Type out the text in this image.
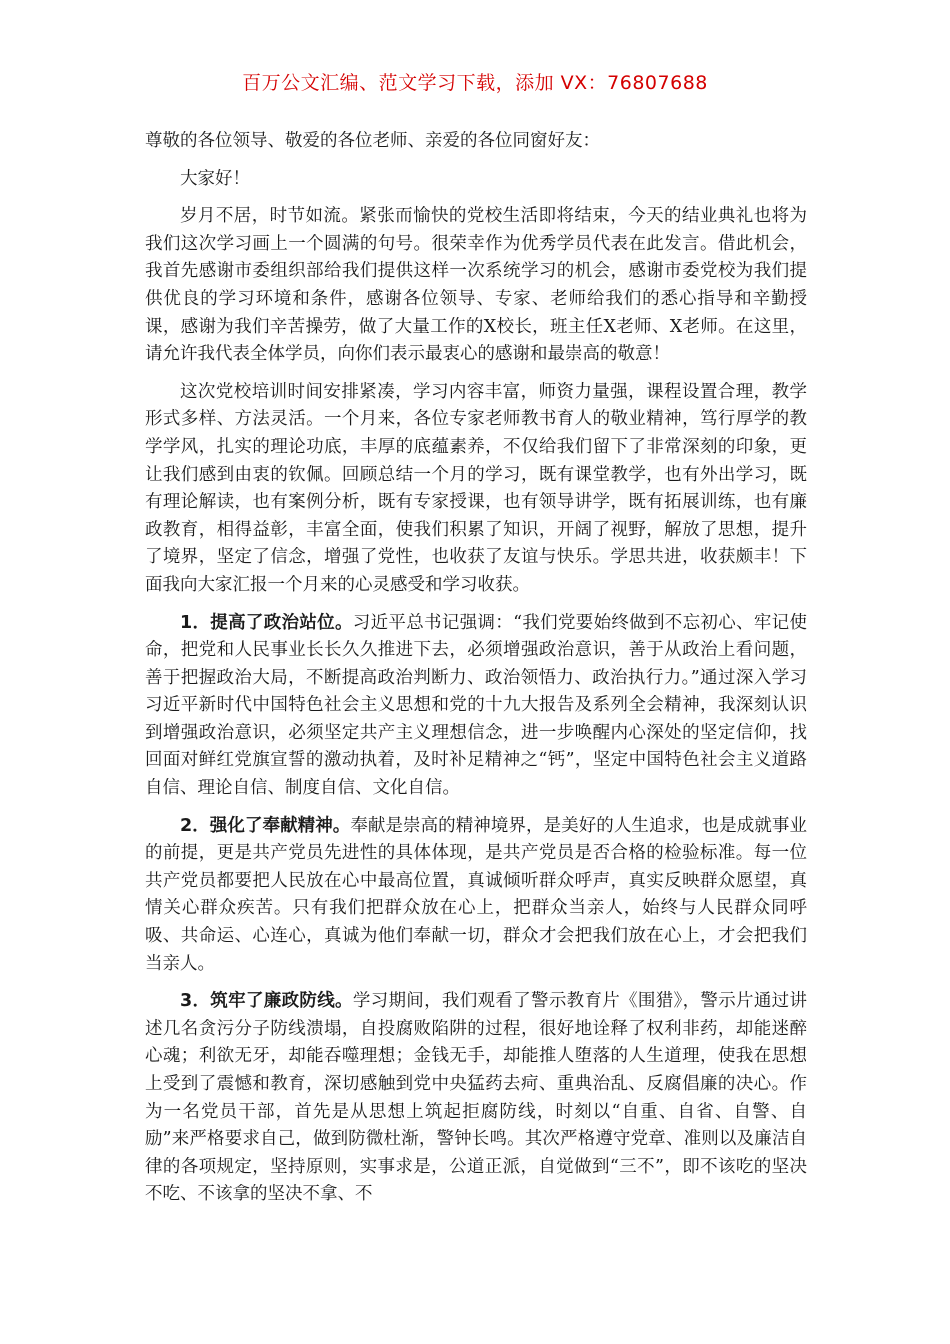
百万公文汇编、范文学习下载，添加 VX：76807688

尊敬的各位领导、敬爱的各位老师、亲爱的各位同窗好友：

大家好！

岁月不居，时节如流。紧张而愉快的党校生活即将结束，今天的结业典礼也将为我们这次学习画上一个圆满的句号。很荣幸作为优秀学员代表在此发言。借此机会，我首先感谢市委组织部给我们提供这样一次系统学习的机会，感谢市委党校为我们提供优良的学习环境和条件，感谢各位领导、专家、老师给我们的悉心指导和辛勤授课，感谢为我们辛苦操劳，做了大量工作的X校长，班主任X老师、X老师。在这里，请允许我代表全体学员，向你们表示最衷心的感谢和最崇高的敬意！

这次党校培训时间安排紧凑，学习内容丰富，师资力量强，课程设置合理，教学形式多样、方法灵活。一个月来，各位专家老师教书育人的敬业精神，笃行厚学的教学学风，扎实的理论功底，丰厚的底蕴素养，不仅给我们留下了非常深刻的印象，更让我们感到由衷的钦佩。回顾总结一个月的学习，既有课堂教学，也有外出学习，既有理论解读，也有案例分析，既有专家授课，也有领导讲学，既有拓展训练，也有廉政教育，相得益彰，丰富全面，使我们积累了知识，开阔了视野，解放了思想，提升了境界，坚定了信念，增强了党性，也收获了友谊与快乐。学思共进，收获颇丰！下面我向大家汇报一个月来的心灵感受和学习收获。

1．提高了政治站位。习近平总书记强调：“我们党要始终做到不忘初心、牢记使命，把党和人民事业长长久久推进下去，必须增强政治意识，善于从政治上看问题，善于把握政治大局，不断提高政治判断力、政治领悟力、政治执行力。”通过深入学习习近平新时代中国特色社会主义思想和党的十九大报告及系列全会精神，我深刻认识到增强政治意识，必须坚定共产主义理想信念，进一步唤醒内心深处的坚定信仰，找回面对鲜红党旗宣誓的激动执着，及时补足精神之“钙”，坚定中国特色社会主义道路自信、理论自信、制度自信、文化自信。

2．强化了奉献精神。奉献是崇高的精神境界，是美好的人生追求，也是成就事业的前提，更是共产党员先进性的具体体现，是共产党员是否合格的检验标准。每一位共产党员都要把人民放在心中最高位置，真诚倾听群众呼声，真实反映群众愿望，真情关心群众疾苦。只有我们把群众放在心上，把群众当亲人，始终与人民群众同呼吸、共命运、心连心，真诚为他们奉献一切，群众才会把我们放在心上，才会把我们当亲人。

3．筑牢了廉政防线。学习期间，我们观看了警示教育片《围猎》，警示片通过讲述几名贪污分子防线溃塌，自投腐败陷阱的过程，很好地诠释了权利非药，却能迷醉心魂；利欲无牙，却能吞噬理想；金钱无手，却能推人堕落的人生道理，使我在思想上受到了震憾和教育，深切感触到党中央猛药去疴、重典治乱、反腐倡廉的决心。作为一名党员干部，首先是从思想上筑起拒腐防线，时刻以“自重、自省、自警、自励”来严格要求自己，做到防微杜渐，警钟长鸣。其次严格遵守党章、准则以及廉洁自律的各项规定，坚持原则，实事求是，公道正派，自觉做到“三不”，即不该吃的坚决不吃、不该拿的坚决不拿、不
